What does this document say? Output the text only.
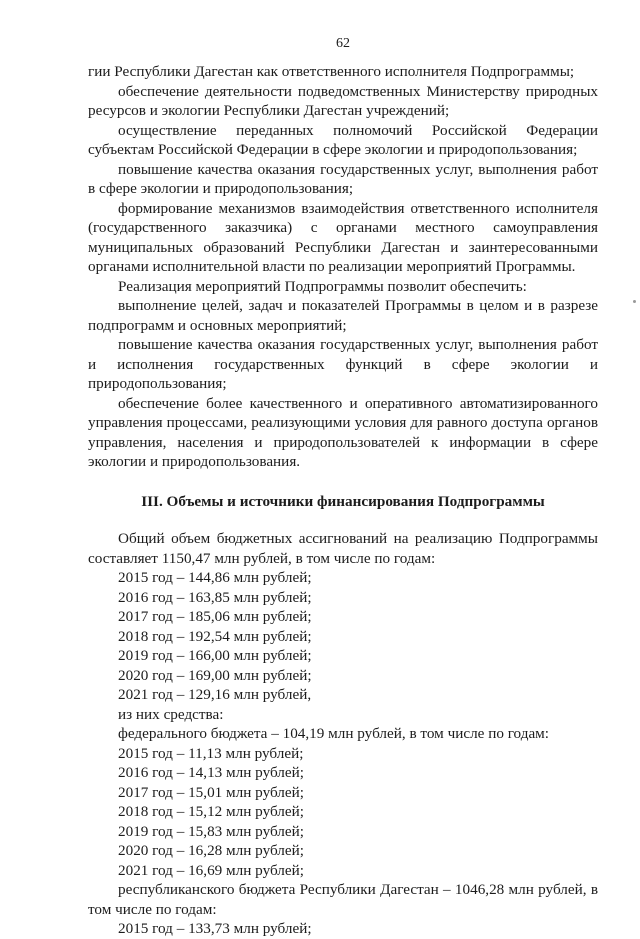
62

гии Республики Дагестан как ответственного исполнителя Подпрограммы;

обеспечение деятельности подведомственных Министерству природных ресурсов и экологии Республики Дагестан учреждений;

осуществление переданных полномочий Российской Федерации субъектам Российской Федерации в сфере экологии и природопользования;

повышение качества оказания государственных услуг, выполнения работ в сфере экологии и природопользования;

формирование механизмов взаимодействия ответственного исполнителя (государственного заказчика) с органами местного самоуправления муниципальных образований Республики Дагестан и заинтересованными органами исполнительной власти по реализации мероприятий Программы.

Реализация мероприятий Подпрограммы позволит обеспечить:

выполнение целей, задач и показателей Программы в целом и в разрезе подпрограмм и основных мероприятий;

повышение качества оказания государственных услуг, выполнения работ и исполнения государственных функций в сфере экологии и природопользования;

обеспечение более качественного и оперативного автоматизированного управления процессами, реализующими условия для равного доступа органов управления, населения и природопользователей к информации в сфере экологии и природопользования.

III. Объемы и источники финансирования Подпрограммы

Общий объем бюджетных ассигнований на реализацию Подпрограммы составляет 1150,47 млн рублей, в том числе по годам:

2015 год – 144,86 млн рублей;

2016 год – 163,85 млн рублей;

2017 год – 185,06 млн рублей;

2018 год – 192,54 млн рублей;

2019 год – 166,00 млн рублей;

2020 год – 169,00 млн рублей;

2021 год – 129,16 млн рублей,

из них средства:

федерального бюджета – 104,19 млн рублей, в том числе по годам:

2015 год – 11,13 млн рублей;

2016 год – 14,13 млн рублей;

2017 год – 15,01 млн рублей;

2018 год – 15,12 млн рублей;

2019 год – 15,83 млн рублей;

2020 год – 16,28 млн рублей;

2021 год – 16,69 млн рублей;

республиканского бюджета Республики Дагестан – 1046,28 млн рублей, в том числе по годам:

2015 год – 133,73 млн рублей;
